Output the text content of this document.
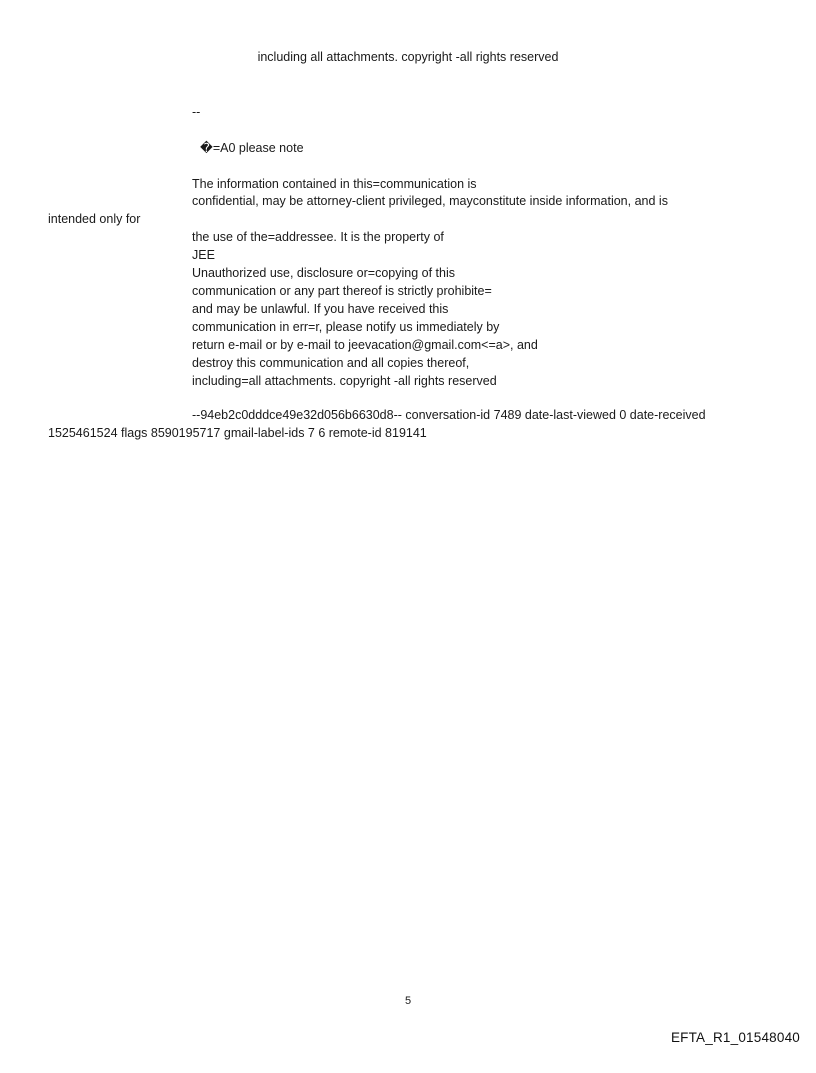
including all attachments. copyright -all rights reserved
--
�=A0 please note
The information contained in this=communication is
confidential, may be attorney-client privileged, mayconstitute inside information, and is
intended only for
the use of the=addressee. It is the property of
JEE
Unauthorized use, disclosure or=copying of this
communication or any part thereof is strictly prohibite=
and may be unlawful. If you have received this
communication in err=r, please notify us immediately by
return e-mail or by e-mail to jeevacation@gmail.com<=a>, and
destroy this communication and all copies thereof,
including=all attachments. copyright -all rights reserved
--94eb2c0dddce49e32d056b6630d8-- conversation-id 7489 date-last-viewed 0 date-received
1525461524 flags 8590195717 gmail-label-ids 7 6 remote-id 819141
5
EFTA_R1_01548040
